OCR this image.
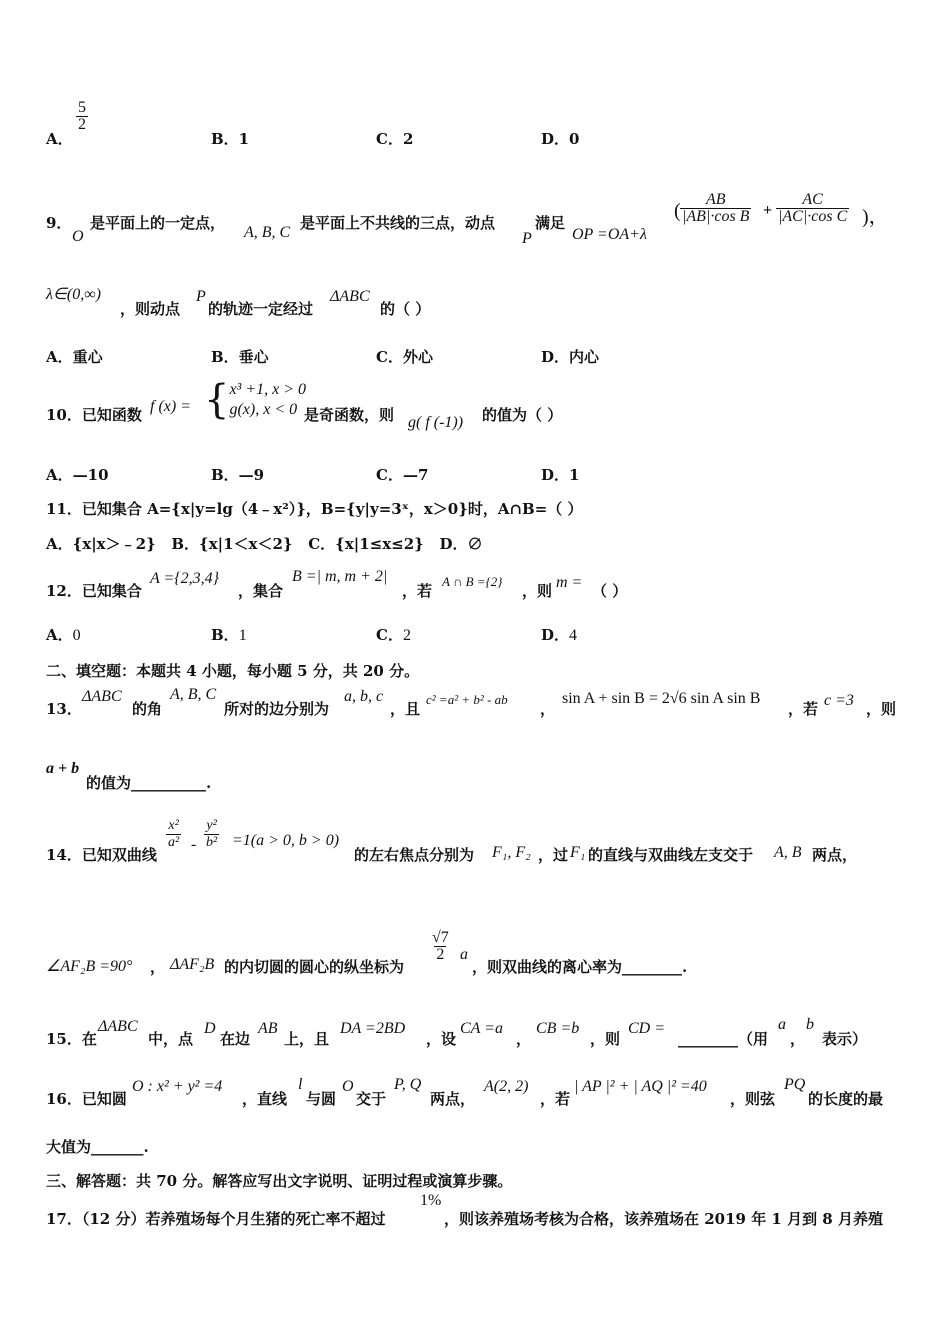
A．
$\frac{5}{2}$
B．1	C．2	D．0
9．
O
是平面上的一定点，
A, B, C
是平面上不共线的三点，动点
P
满足
OP =OA+λ
( $\frac{AB}{\text{|AB|·cos B}} + \frac{AC}{\text{|AC|·cos C}}$ )，
λ∈(0,∞)
，则动点
P
的轨迹一定经过
ΔABC
的（ ）
A．重心	B．垂心	C．外心	D．内心
10．已知函数 f (x) = { x³ +1, x > 0
g(x), x < 0 是奇函数，则 g( f (-1)) 的值为（ ）
A．—10	B．—9	C．—7	D．1
11．已知集合 A={x|y=lg（4﹣x²）}，B={y|y=3ˣ，x＞0}时，A∩B=（ ）
A．{x|x＞﹣2}   B．{x|1＜x＜2}   C．{x|1≤x≤2}   D．∅
12．已知集合
A ={2,3,4}
，集合
B =| m, m + 2|
，若
A ∩ B ={2}
，则 m = （ ）
A．0	B．1	C．2	D．4
二、填空题：本题共 4 小题，每小题 5 分，共 20 分。
13．
ΔABC
的角
A, B, C
所对的边分别为
a, b, c
，且
c² =a² + b² - ab
，
sin A + sin B = 2√6 sin A sin B
，若 c =3 ，则
a + b
的值为__________.
14．已知双曲线
$\frac{\text{x²}}{\text{a²}} - \frac{\text{y²}}{\text{b²}} =1(a > 0$, b > 0)
的左右焦点分别为 F₁, F₂ ，过 F₁ 的直线与双曲线左支交于 A, B 两点，
∠AF₂B =90° ， ΔAF₂B 的内切圆的圆心的纵坐标为
$\frac{√7}{2}$ a
，则双曲线的离心率为________.
15．在
ΔABC
中，点
D
在边
AB
上，且
DA =2BD
，设
CA =a
，
CB =b
，则
CD =
________（用
a
，
b
表示）
16．已知圆
O : x² + y² =4
，直线
l
与圆
O
交于
P, Q
两点，
A(2, 2)
，若
| AP |² + | AQ |² =40
，则弦
PQ
的长度的最
大值为_______.
三、解答题：共 70 分。解答应写出文字说明、证明过程或演算步骤。
17．（12 分）若养殖场每个月生猪的死亡率不超过
1%
，则该养殖场考核为合格，该养殖场在 2019 年 1 月到 8 月养殖
